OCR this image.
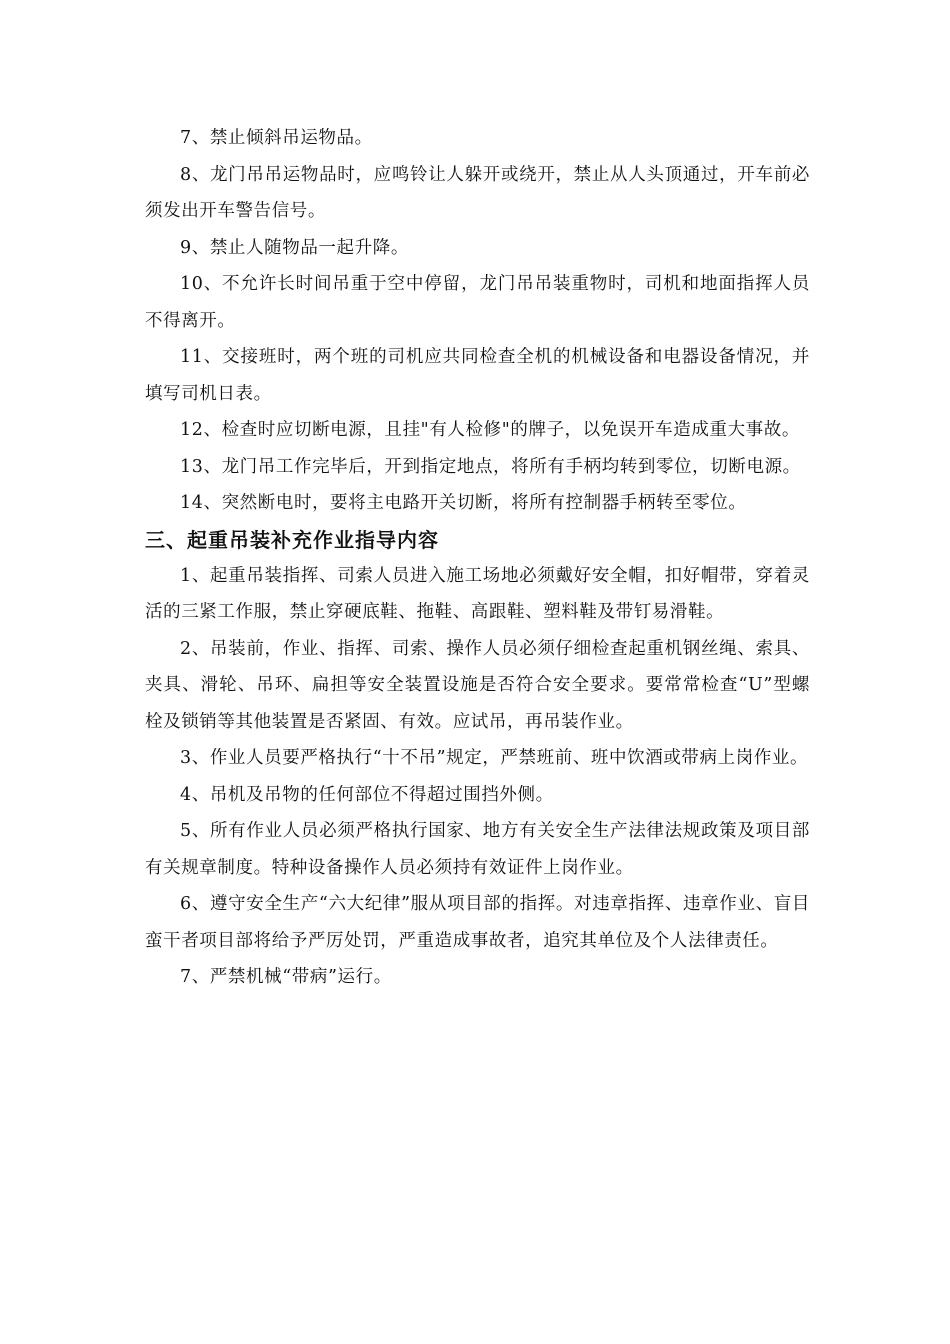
7、禁止倾斜吊运物品。

8、龙门吊吊运物品时，应鸣铃让人躲开或绕开，禁止从人头顶通过，开车前必须发出开车警告信号。

9、禁止人随物品一起升降。

10、不允许长时间吊重于空中停留，龙门吊吊装重物时，司机和地面指挥人员不得离开。

11、交接班时，两个班的司机应共同检查全机的机械设备和电器设备情况，并填写司机日表。

12、检查时应切断电源，且挂"有人检修"的牌子，以免误开车造成重大事故。

13、龙门吊工作完毕后，开到指定地点，将所有手柄均转到零位，切断电源。

14、突然断电时，要将主电路开关切断，将所有控制器手柄转至零位。

三、起重吊装补充作业指导内容

1、起重吊装指挥、司索人员进入施工场地必须戴好安全帽，扣好帽带，穿着灵活的三紧工作服，禁止穿硬底鞋、拖鞋、高跟鞋、塑料鞋及带钉易滑鞋。

2、吊装前，作业、指挥、司索、操作人员必须仔细检查起重机钢丝绳、索具、夹具、滑轮、吊环、扁担等安全装置设施是否符合安全要求。要常常检查“U”型螺栓及锁销等其他装置是否紧固、有效。应试吊，再吊装作业。

3、作业人员要严格执行“十不吊”规定，严禁班前、班中饮酒或带病上岗作业。

4、吊机及吊物的任何部位不得超过围挡外侧。

5、所有作业人员必须严格执行国家、地方有关安全生产法律法规政策及项目部有关规章制度。特种设备操作人员必须持有效证件上岗作业。

6、遵守安全生产“六大纪律”服从项目部的指挥。对违章指挥、违章作业、盲目蛮干者项目部将给予严厉处罚，严重造成事故者，追究其单位及个人法律责任。

7、严禁机械“带病”运行。
